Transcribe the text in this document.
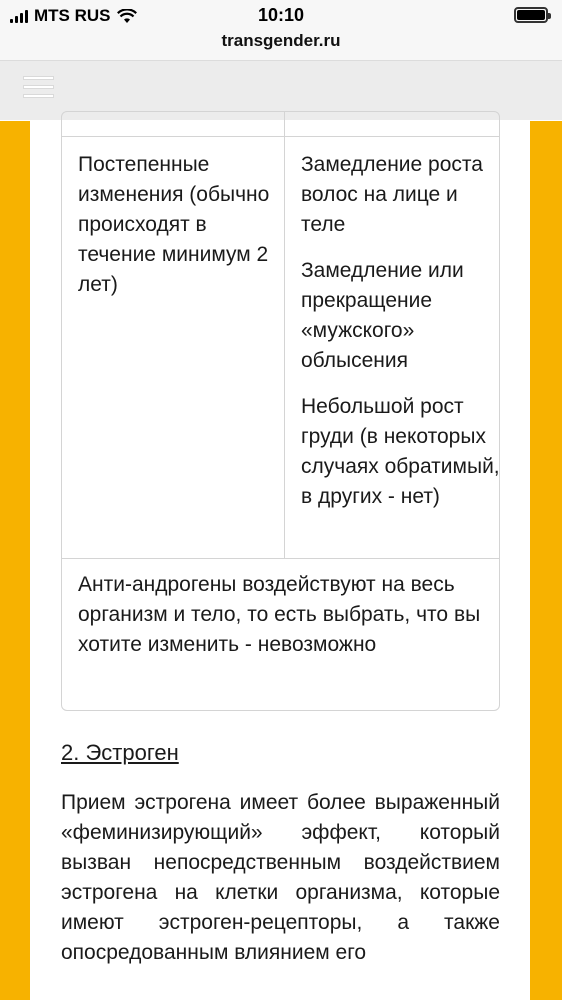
MTS RUS	10:10
transgender.ru
Постепенные изменения (обычно происходят в течение минимум 2 лет)

Замедление роста волос на лице и теле

Замедление или прекращение «мужского» облысения

Небольшой рост груди (в некоторых случаях обратимый, в других - нет)

Анти-андрогены воздействуют на весь организм и тело, то есть выбрать, что вы хотите изменить - невозможно
2. Эстроген
Прием эстрогена имеет более выраженный «феминизирующий» эффект, который вызван непосредственным воздействием эстрогена на клетки организма, которые имеют эстроген-рецепторы, а также опосредованным влиянием его
